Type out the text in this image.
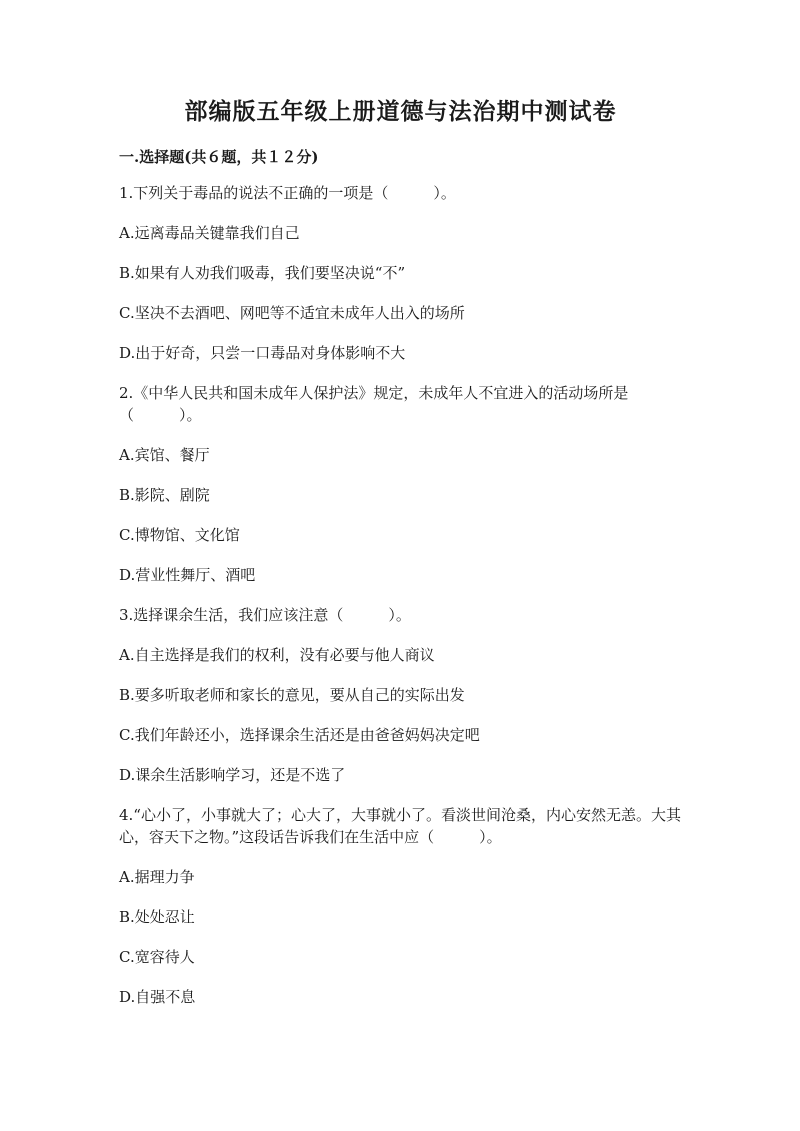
部编版五年级上册道德与法治期中测试卷
一.选择题(共６题，共１２分)
1.下列关于毒品的说法不正确的一项是（　　　）。
A.远离毒品关键靠我们自己
B.如果有人劝我们吸毒，我们要坚决说“不”
C.坚决不去酒吧、网吧等不适宜未成年人出入的场所
D.出于好奇，只尝一口毒品对身体影响不大
2.《中华人民共和国未成年人保护法》规定，未成年人不宜进入的活动场所是（　　　）。
A.宾馆、餐厅
B.影院、剧院
C.博物馆、文化馆
D.营业性舞厅、酒吧
3.选择课余生活，我们应该注意（　　　）。
A.自主选择是我们的权利，没有必要与他人商议
B.要多听取老师和家长的意见，要从自己的实际出发
C.我们年龄还小，选择课余生活还是由爸爸妈妈决定吧
D.课余生活影响学习，还是不选了
4.“心小了，小事就大了；心大了，大事就小了。看淡世间沧桑，内心安然无恙。大其心，容天下之物。”这段话告诉我们在生活中应（　　　）。
A.据理力争
B.处处忍让
C.宽容待人
D.自强不息
